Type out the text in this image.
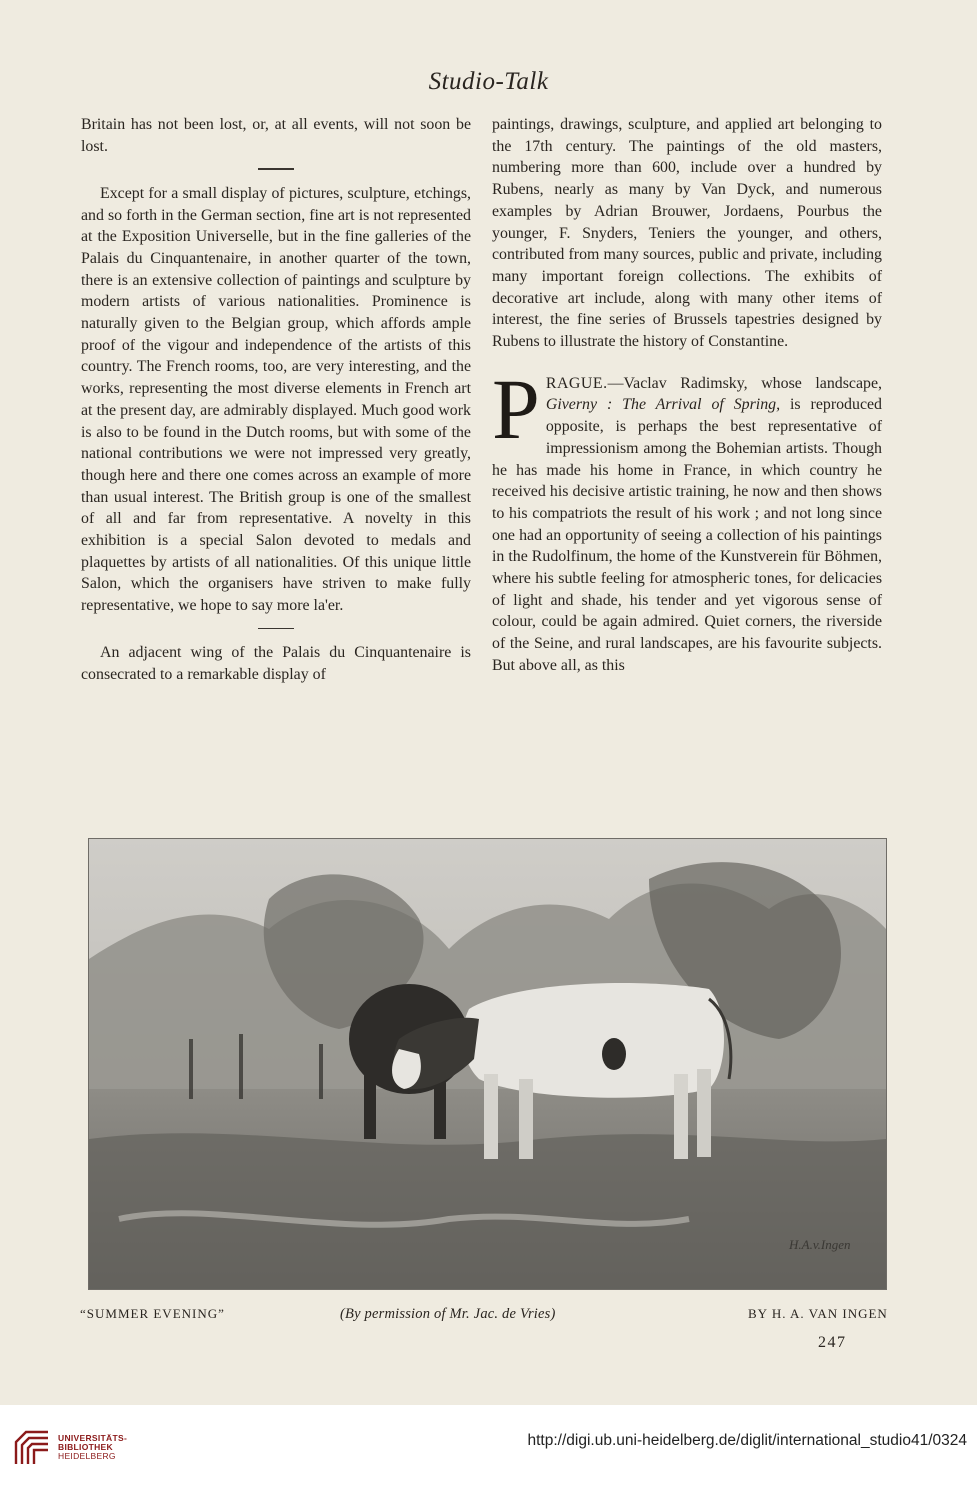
Studio-Talk

Britain has not been lost, or, at all events, will not soon be lost.

Except for a small display of pictures, sculpture, etchings, and so forth in the German section, fine art is not represented at the Exposition Universelle, but in the fine galleries of the Palais du Cinquantenaire, in another quarter of the town, there is an extensive collection of paintings and sculpture by modern artists of various nationalities. Prominence is naturally given to the Belgian group, which affords ample proof of the vigour and independence of the artists of this country. The French rooms, too, are very interesting, and the works, representing the most diverse elements in French art at the present day, are admirably displayed. Much good work is also to be found in the Dutch rooms, but with some of the national contributions we were not impressed very greatly, though here and there one comes across an example of more than usual interest. The British group is one of the smallest of all and far from representative. A novelty in this exhibition is a special Salon devoted to medals and plaquettes by artists of all nationalities. Of this unique little Salon, which the organisers have striven to make fully representative, we hope to say more la'er.

An adjacent wing of the Palais du Cinquantenaire is consecrated to a remarkable display of

paintings, drawings, sculpture, and applied art belonging to the 17th century. The paintings of the old masters, numbering more than 600, include over a hundred by Rubens, nearly as many by Van Dyck, and numerous examples by Adrian Brouwer, Jordaens, Pourbus the younger, F. Snyders, Teniers the younger, and others, contributed from many sources, public and private, including many important foreign collections. The exhibits of decorative art include, along with many other items of interest, the fine series of Brussels tapestries designed by Rubens to illustrate the history of Constantine.

PRAGUE.—Vaclav Radimsky, whose landscape, Giverny : The Arrival of Spring, is reproduced opposite, is perhaps the best representative of impressionism among the Bohemian artists. Though he has made his home in France, in which country he received his decisive artistic training, he now and then shows to his compatriots the result of his work ; and not long since one had an opportunity of seeing a collection of his paintings in the Rudolfinum, the home of the Kunstverein für Böhmen, where his subtle feeling for atmospheric tones, for delicacies of light and shade, his tender and yet vigorous sense of colour, could be again admired. Quiet corners, the riverside of the Seine, and rural landscapes, are his favourite subjects. But above all, as this

H.A.v.Ingen
“SUMMER EVENING”	(By permission of Mr. Jac. de Vries)	BY H. A. VAN INGEN
247
UNIVERSITÄTS-
BIBLIOTHEK
HEIDELBERG
http://digi.ub.uni-heidelberg.de/diglit/international_studio41/0324
